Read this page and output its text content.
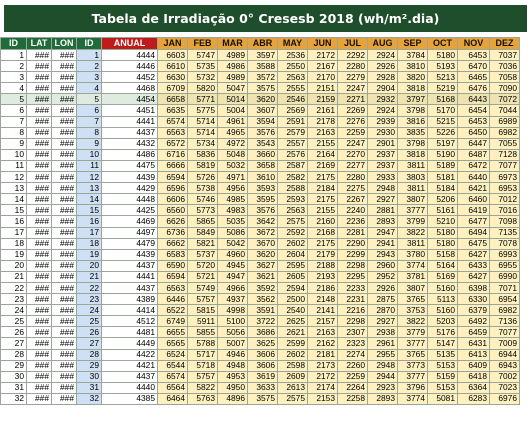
Tabela de Irradiação 0° Cresesb 2018 (wh/m².dia)
ID	LAT	LON	ID	ANUAL	JAN	FEB	MAR	ABR	MAY	JUN	JUL	AUG	SEP	OCT	NOV	DEZ
1	###	###	1	4444	6603	5747	4989	3597	2536	2172	2292	2924	3784	5180	6453	7037
2	###	###	2	4446	6610	5735	4986	3588	2550	2167	2280	2926	3810	5193	6470	7036
3	###	###	3	4452	6630	5732	4989	3572	2563	2170	2279	2928	3820	5213	6465	7058
4	###	###	4	4468	6709	5820	5047	3575	2555	2151	2247	2904	3818	5219	6476	7090
5	###	###	5	4454	6658	5771	5014	3620	2546	2159	2271	2932	3797	5168	6443	7072
6	###	###	6	4451	6635	5775	5004	3607	2569	2161	2269	2924	3798	5170	6454	7044
7	###	###	7	4441	6574	5714	4961	3594	2591	2178	2276	2939	3816	5215	6453	6989
8	###	###	8	4437	6563	5714	4965	3576	2579	2163	2259	2930	3835	5226	6450	6982
9	###	###	9	4432	6572	5734	4972	3543	2557	2155	2247	2901	3798	5197	6447	7055
10	###	###	10	4486	6716	5836	5048	3660	2576	2164	2270	2937	3818	5190	6487	7128
11	###	###	11	4475	6666	5819	5032	3658	2587	2169	2277	2937	3811	5189	6472	7077
12	###	###	12	4439	6594	5726	4971	3610	2582	2175	2280	2933	3803	5181	6440	6973
13	###	###	13	4429	6596	5738	4956	3593	2588	2184	2275	2948	3811	5184	6421	6953
14	###	###	14	4448	6606	5746	4985	3595	2593	2175	2267	2927	3807	5206	6460	7012
15	###	###	15	4425	6560	5773	4983	3576	2563	2155	2240	2881	3777	5161	6419	7016
16	###	###	16	4469	6626	5865	5035	3642	2575	2160	2236	2893	3799	5210	6477	7098
17	###	###	17	4497	6736	5849	5086	3672	2592	2168	2281	2947	3822	5180	6494	7135
18	###	###	18	4479	6662	5821	5042	3670	2602	2175	2290	2941	3811	5180	6475	7078
19	###	###	19	4439	6583	5737	4960	3620	2604	2179	2299	2943	3780	5158	6427	6993
20	###	###	20	4437	6590	5720	4945	3627	2595	2188	2298	2960	3774	5164	6433	6955
21	###	###	21	4441	6594	5721	4947	3621	2605	2193	2295	2952	3781	5169	6427	6990
22	###	###	22	4437	6563	5749	4966	3592	2594	2186	2233	2926	3807	5160	6398	7071
23	###	###	23	4389	6446	5757	4937	3562	2500	2148	2231	2875	3765	5113	6330	6954
24	###	###	24	4414	6522	5815	4998	3591	2540	2141	2216	2870	3753	5160	6379	6982
25	###	###	25	4512	6749	5911	5100	3722	2625	2157	2298	2927	3822	5203	6492	7136
26	###	###	26	4481	6655	5855	5056	3686	2621	2163	2307	2938	3779	5176	6459	7077
27	###	###	27	4449	6565	5788	5007	3625	2599	2162	2323	2961	3777	5147	6431	7009
28	###	###	28	4422	6524	5717	4946	3606	2602	2181	2274	2955	3765	5135	6413	6944
29	###	###	29	4421	6544	5718	4948	3606	2598	2173	2260	2948	3773	5153	6409	6943
30	###	###	30	4437	6574	5757	4953	3619	2609	2172	2259	2944	3777	5159	6418	7002
31	###	###	31	4440	6564	5822	4950	3633	2613	2174	2264	2923	3796	5153	6364	7023
32	###	###	32	4385	6464	5763	4896	3575	2575	2153	2258	2893	3774	5081	6283	6976
